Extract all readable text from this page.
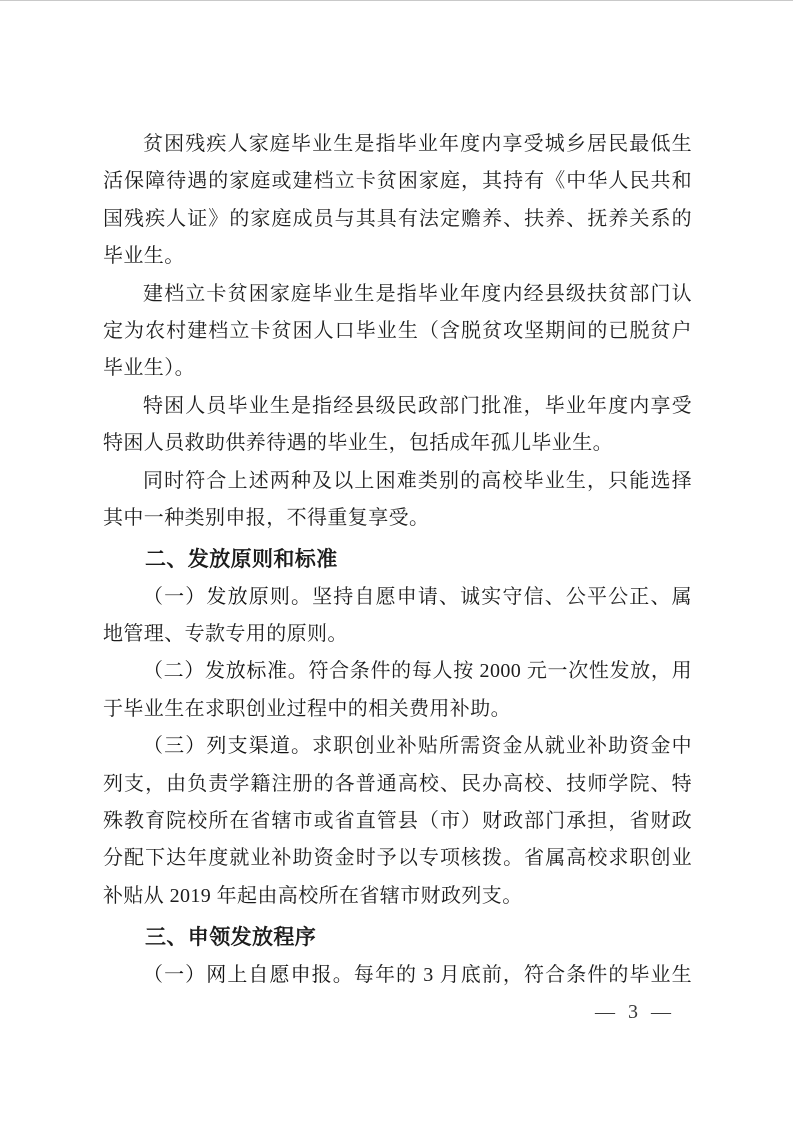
贫困残疾人家庭毕业生是指毕业年度内享受城乡居民最低生

活保障待遇的家庭或建档立卡贫困家庭，其持有《中华人民共和

国残疾人证》的家庭成员与其具有法定赡养、扶养、抚养关系的

毕业生。

建档立卡贫困家庭毕业生是指毕业年度内经县级扶贫部门认

定为农村建档立卡贫困人口毕业生（含脱贫攻坚期间的已脱贫户

毕业生）。

特困人员毕业生是指经县级民政部门批准，毕业年度内享受

特困人员救助供养待遇的毕业生，包括成年孤儿毕业生。

同时符合上述两种及以上困难类别的高校毕业生，只能选择

其中一种类别申报，不得重复享受。

二、发放原则和标准

（一）发放原则。坚持自愿申请、诚实守信、公平公正、属

地管理、专款专用的原则。

（二）发放标准。符合条件的每人按 2000 元一次性发放，用

于毕业生在求职创业过程中的相关费用补助。

（三）列支渠道。求职创业补贴所需资金从就业补助资金中

列支，由负责学籍注册的各普通高校、民办高校、技师学院、特

殊教育院校所在省辖市或省直管县（市）财政部门承担，省财政

分配下达年度就业补助资金时予以专项核拨。省属高校求职创业

补贴从 2019 年起由高校所在省辖市财政列支。

三、申领发放程序

（一）网上自愿申报。每年的 3 月底前，符合条件的毕业生

— 3 —
